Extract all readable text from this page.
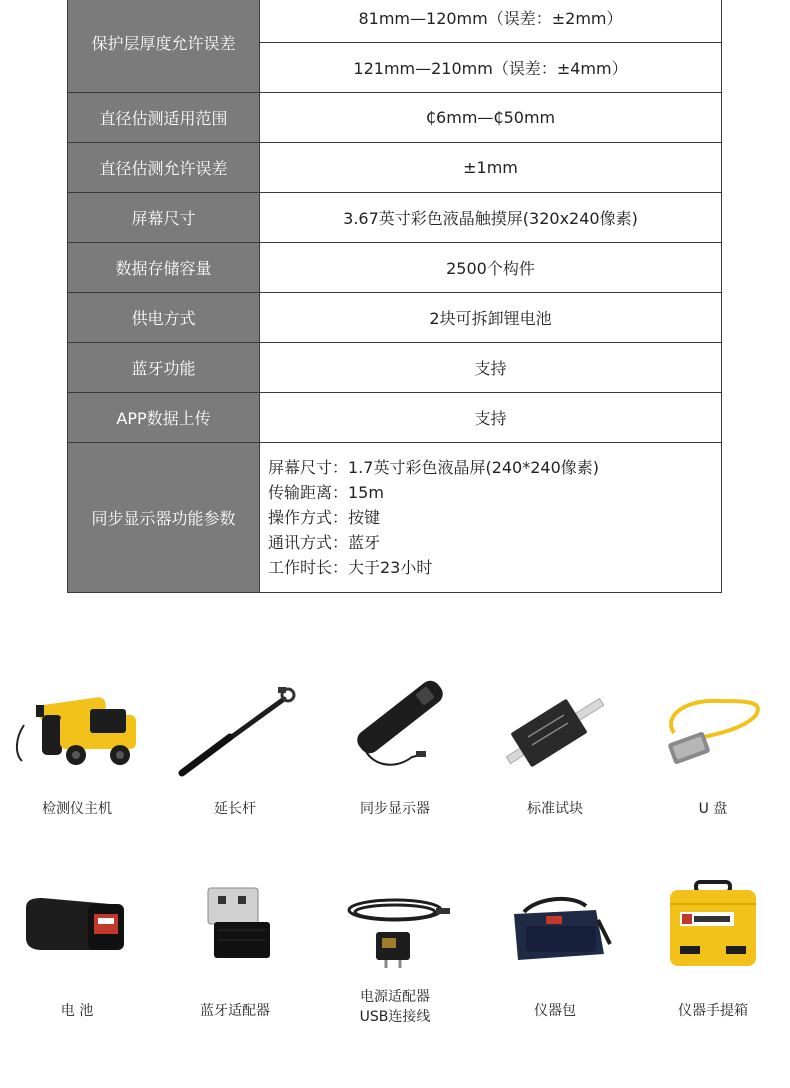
保护层厚度允许误差	81mm—120mm（误差：±2mm）
	121mm—210mm（误差：±4mm）
直径估测适用范围	₵6mm—₵50mm
直径估测允许误差	±1mm
屏幕尺寸	3.67英寸彩色液晶触摸屏(320x240像素)
数据存储容量	2500个构件
供电方式	2块可拆卸锂电池
蓝牙功能	支持
APP数据上传	支持
同步显示器功能参数	屏幕尺寸：1.7英寸彩色液晶屏(240*240像素)
传输距离：15m
操作方式：按键
通讯方式：蓝牙
工作时长：大于23小时
检测仪主机	延长杆	同步显示器	标准试块	U 盘
电 池	蓝牙适配器
电源适配器
USB连接线	仪器包	仪器手提箱
